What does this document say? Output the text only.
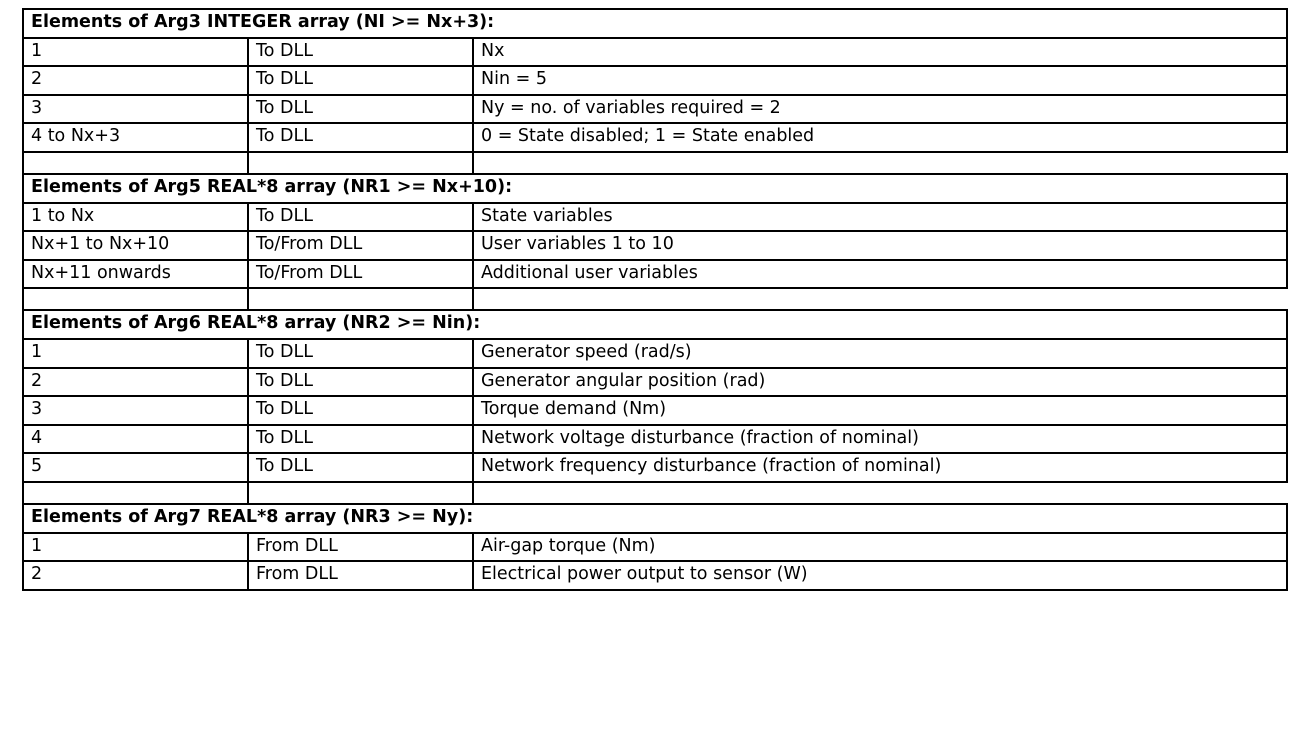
Elements of Arg3 INTEGER array (NI >= Nx+3):		
1	To DLL	Nx
2	To DLL	Nin = 5
3	To DLL	Ny = no. of variables required = 2
4 to Nx+3	To DLL	0 = State disabled; 1 = State enabled

Elements of Arg5 REAL*8 array (NR1 >= Nx+10):		
1 to Nx	To DLL	State variables
Nx+1 to Nx+10	To/From DLL	User variables 1 to 10
Nx+11 onwards	To/From DLL	Additional user variables

Elements of Arg6 REAL*8 array (NR2 >= Nin):		
1	To DLL	Generator speed (rad/s)
2	To DLL	Generator angular position (rad)
3	To DLL	Torque demand (Nm)
4	To DLL	Network voltage disturbance (fraction of nominal)
5	To DLL	Network frequency disturbance (fraction of nominal)

Elements of Arg7 REAL*8 array (NR3 >= Ny):		
1	From DLL	Air-gap torque (Nm)
2	From DLL	Electrical power output to sensor (W)
